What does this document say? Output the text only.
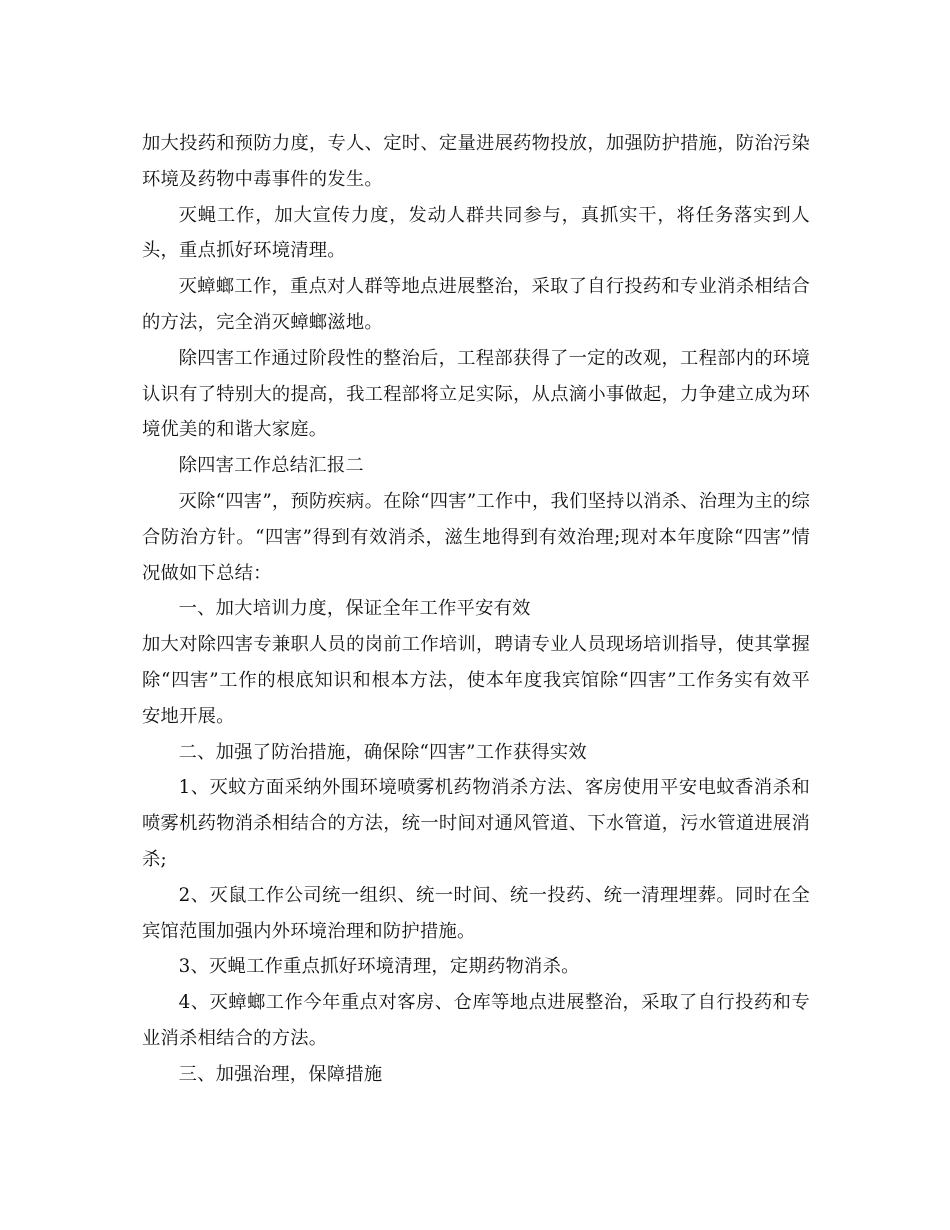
加大投药和预防力度，专人、定时、定量进展药物投放，加强防护措施，防治污染环境及药物中毒事件的发生。

灭蝇工作，加大宣传力度，发动人群共同参与，真抓实干，将任务落实到人头，重点抓好环境清理。

灭蟑螂工作，重点对人群等地点进展整治，采取了自行投药和专业消杀相结合的方法，完全消灭蟑螂滋地。

除四害工作通过阶段性的整治后，工程部获得了一定的改观，工程部内的环境认识有了特别大的提高，我工程部将立足实际，从点滴小事做起，力争建立成为环境优美的和谐大家庭。

除四害工作总结汇报二

灭除“四害”，预防疾病。在除“四害”工作中，我们坚持以消杀、治理为主的综合防治方针。“四害”得到有效消杀，滋生地得到有效治理;现对本年度除“四害”情况做如下总结：

一、加大培训力度，保证全年工作平安有效

加大对除四害专兼职人员的岗前工作培训，聘请专业人员现场培训指导，使其掌握除“四害”工作的根底知识和根本方法，使本年度我宾馆除“四害”工作务实有效平安地开展。

二、加强了防治措施，确保除“四害”工作获得实效

1、灭蚊方面采纳外围环境喷雾机药物消杀方法、客房使用平安电蚊香消杀和喷雾机药物消杀相结合的方法，统一时间对通风管道、下水管道，污水管道进展消杀;

2、灭鼠工作公司统一组织、统一时间、统一投药、统一清理埋葬。同时在全宾馆范围加强内外环境治理和防护措施。

3、灭蝇工作重点抓好环境清理，定期药物消杀。

4、灭蟑螂工作今年重点对客房、仓库等地点进展整治，采取了自行投药和专业消杀相结合的方法。

三、加强治理，保障措施
